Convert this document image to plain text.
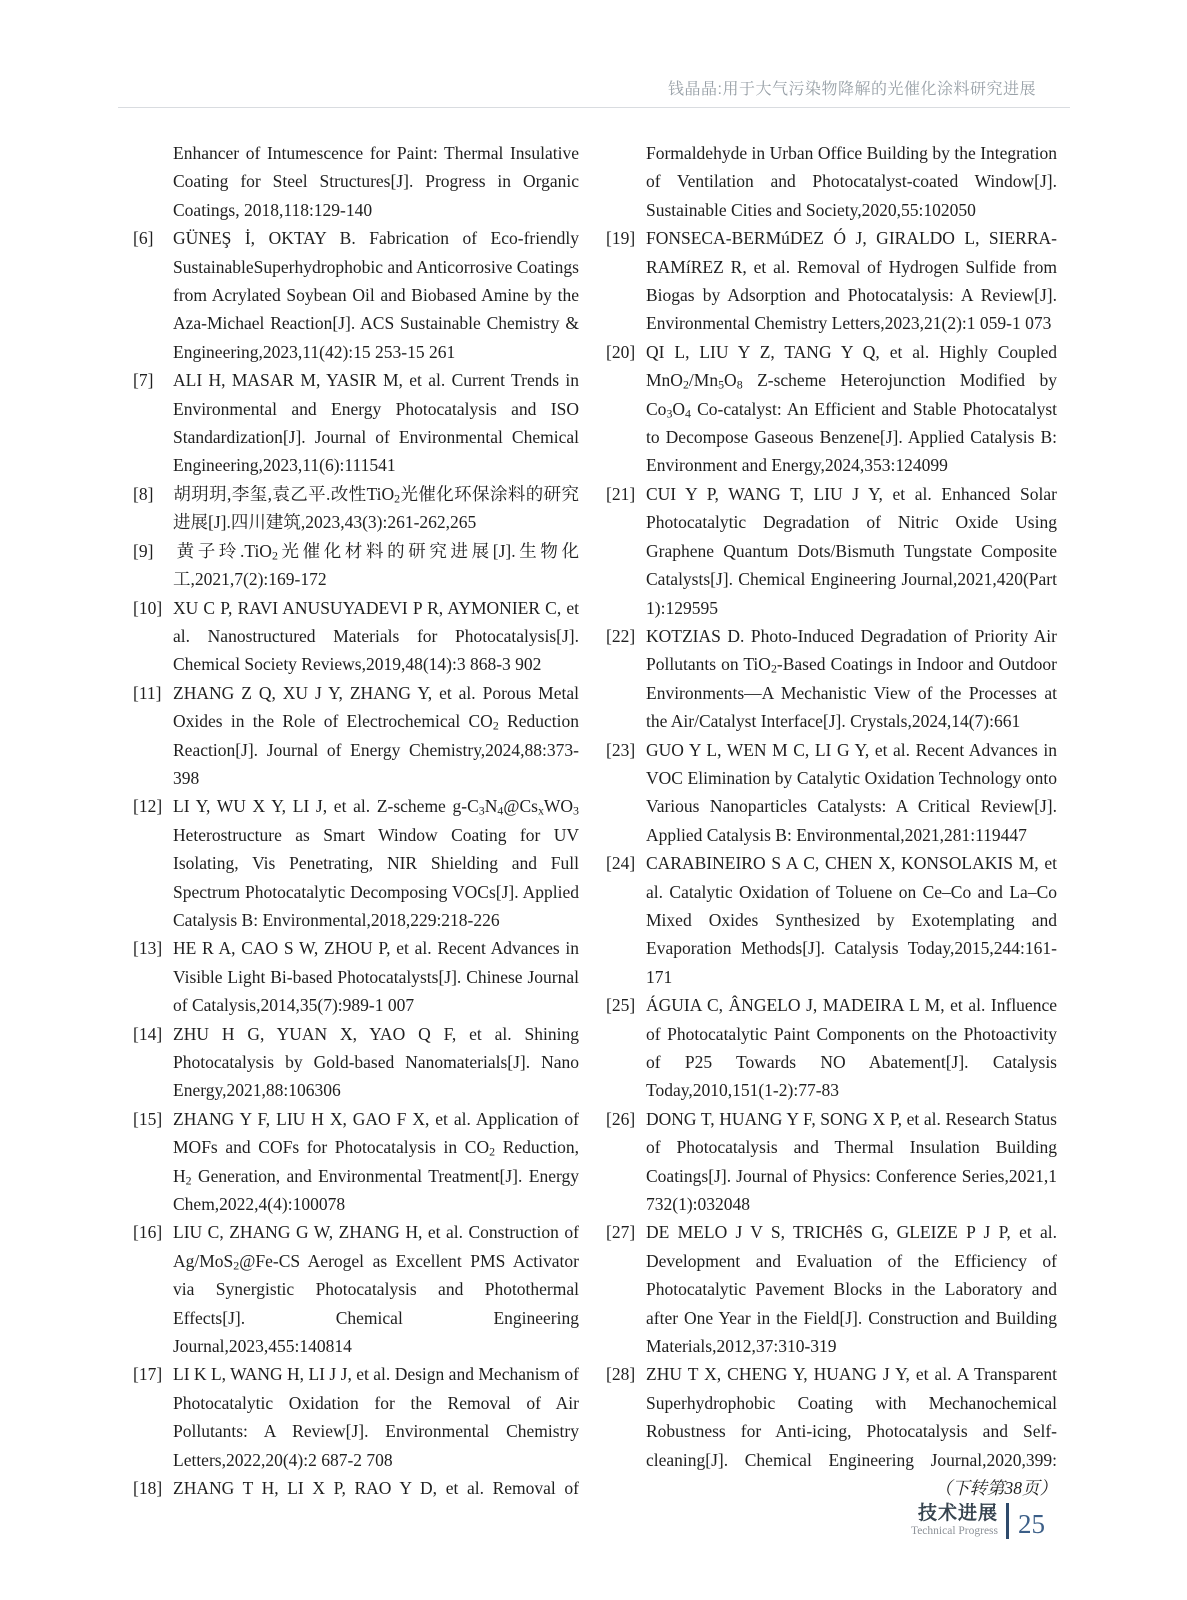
钱晶晶:用于大气污染物降解的光催化涂料研究进展
Enhancer of Intumescence for Paint: Thermal Insulative Coating for Steel Structures[J]. Progress in Organic Coatings, 2018,118:129-140
[6] GÜNEŞ İ, OKTAY B. Fabrication of Eco-friendly SustainableSuperhydrophobic and Anticorrosive Coatings from Acrylated Soybean Oil and Biobased Amine by the Aza-Michael Reaction[J]. ACS Sustainable Chemistry & Engineering,2023,11(42):15 253-15 261
[7] ALI H, MASAR M, YASIR M, et al. Current Trends in Environmental and Energy Photocatalysis and ISO Standardization[J]. Journal of Environmental Chemical Engineering,2023,11(6):111541
[8] 胡玥玥,李玺,袁乙平.改性TiO$_2$光催化环保涂料的研究进展[J].四川建筑,2023,43(3):261-262,265
[9] 黄子玲.TiO$_2$光催化材料的研究进展[J].生物化工,2021,7(2):169-172
[10] XU C P, RAVI ANUSUYADEVI P R, AYMONIER C, et al. Nanostructured Materials for Photocatalysis[J]. Chemical Society Reviews,2019,48(14):3 868-3 902
[11] ZHANG Z Q, XU J Y, ZHANG Y, et al. Porous Metal Oxides in the Role of Electrochemical $CO_2$ Reduction Reaction[J]. Journal of Energy Chemistry,2024,88:373-398
[12] LI Y, WU X Y, LI J, et al. Z-scheme $g-C_3N_4@Cs_xWO_3$ Heterostructure as Smart Window Coating for UV Isolating, Vis Penetrating, NIR Shielding and Full Spectrum Photocatalytic Decomposing VOCs[J]. Applied Catalysis B: Environmental,2018,229:218-226
[13] HE R A, CAO S W, ZHOU P, et al. Recent Advances in Visible Light Bi-based Photocatalysts[J]. Chinese Journal of Catalysis,2014,35(7):989-1 007
[14] ZHU H G, YUAN X, YAO Q F, et al. Shining Photocatalysis by Gold-based Nanomaterials[J]. Nano Energy,2021,88:106306
[15] ZHANG Y F, LIU H X, GAO F X, et al. Application of MOFs and COFs for Photocatalysis in $CO_2$ Reduction, $H_2$ Generation, and Environmental Treatment[J]. Energy Chem,2022,4(4):100078
[16] LIU C, ZHANG G W, ZHANG H, et al. Construction of Ag/MoS$_2$@Fe-CS Aerogel as Excellent PMS Activator via Synergistic Photocatalysis and Photothermal Effects[J]. Chemical Engineering Journal,2023,455:140814
[17] LI K L, WANG H, LI J J, et al. Design and Mechanism of Photocatalytic Oxidation for the Removal of Air Pollutants: A Review[J]. Environmental Chemistry Letters,2022,20(4):2 687-2 708
[18] ZHANG T H, LI X P, RAO Y D, et al. Removal of
Formaldehyde in Urban Office Building by the Integration of Ventilation and Photocatalyst-coated Window[J]. Sustainable Cities and Society,2020,55:102050
[19] FONSECA-BERMúDEZ Ó J, GIRALDO L, SIERRA-RAMíREZ R, et al. Removal of Hydrogen Sulfide from Biogas by Adsorption and Photocatalysis: A Review[J]. Environmental Chemistry Letters,2023,21(2):1 059-1 073
[20] QI L, LIU Y Z, TANG Y Q, et al. Highly Coupled $MnO_2/Mn_5O_8$ Z-scheme Heterojunction Modified by $Co_3O_4$ Co-catalyst: An Efficient and Stable Photocatalyst to Decompose Gaseous Benzene[J]. Applied Catalysis B: Environment and Energy,2024,353:124099
[21] CUI Y P, WANG T, LIU J Y, et al. Enhanced Solar Photocatalytic Degradation of Nitric Oxide Using Graphene Quantum Dots/Bismuth Tungstate Composite Catalysts[J]. Chemical Engineering Journal,2021,420(Part 1):129595
[22] KOTZIAS D. Photo-Induced Degradation of Priority Air Pollutants on TiO$_2$-Based Coatings in Indoor and Outdoor Environments—A Mechanistic View of the Processes at the Air/Catalyst Interface[J]. Crystals,2024,14(7):661
[23] GUO Y L, WEN M C, LI G Y, et al. Recent Advances in VOC Elimination by Catalytic Oxidation Technology onto Various Nanoparticles Catalysts: A Critical Review[J]. Applied Catalysis B: Environmental,2021,281:119447
[24] CARABINEIRO S A C, CHEN X, KONSOLAKIS M, et al. Catalytic Oxidation of Toluene on Ce–Co and La–Co Mixed Oxides Synthesized by Exotemplating and Evaporation Methods[J]. Catalysis Today,2015,244:161-171
[25] ÁGUIA C, ÂNGELO J, MADEIRA L M, et al. Influence of Photocatalytic Paint Components on the Photoactivity of P25 Towards NO Abatement[J]. Catalysis Today,2010,151(1-2):77-83
[26] DONG T, HUANG Y F, SONG X P, et al. Research Status of Photocatalysis and Thermal Insulation Building Coatings[J]. Journal of Physics: Conference Series,2021,1 732(1):032048
[27] DE MELO J V S, TRICHêS G, GLEIZE P J P, et al. Development and Evaluation of the Efficiency of Photocatalytic Pavement Blocks in the Laboratory and after One Year in the Field[J]. Construction and Building Materials,2012,37:310-319
[28] ZHU T X, CHENG Y, HUANG J Y, et al. A Transparent Superhydrophobic Coating with Mechanochemical Robustness for Anti-icing, Photocatalysis and Self-cleaning[J]. Chemical Engineering Journal,2020,399:
（下转第38页）
技术进展
Technical Progress 25
